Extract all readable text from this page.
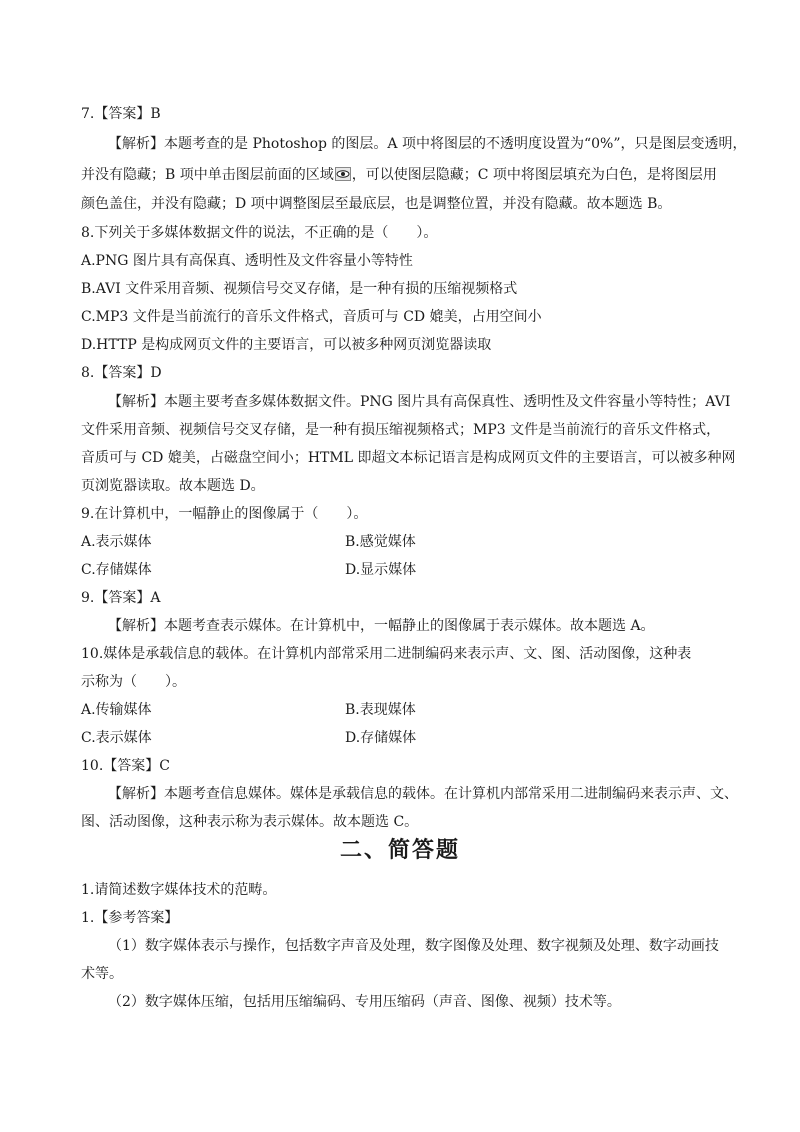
7.【答案】B
【解析】本题考查的是 Photoshop 的图层。A 项中将图层的不透明度设置为“0%”，只是图层变透明，
并没有隐藏；B 项中单击图层前面的区域 ，可以使图层隐藏；C 项中将图层填充为白色，是将图层用
颜色盖住，并没有隐藏；D 项中调整图层至最底层，也是调整位置，并没有隐藏。故本题选 B。
8.下列关于多媒体数据文件的说法，不正确的是（　　）。
A.PNG 图片具有高保真、透明性及文件容量小等特性
B.AVI 文件采用音频、视频信号交叉存储，是一种有损的压缩视频格式
C.MP3 文件是当前流行的音乐文件格式，音质可与 CD 媲美，占用空间小
D.HTTP 是构成网页文件的主要语言，可以被多种网页浏览器读取
8.【答案】D
【解析】本题主要考查多媒体数据文件。PNG 图片具有高保真性、透明性及文件容量小等特性；AVI
文件采用音频、视频信号交叉存储，是一种有损压缩视频格式；MP3 文件是当前流行的音乐文件格式，
音质可与 CD 媲美，占磁盘空间小；HTML 即超文本标记语言是构成网页文件的主要语言，可以被多种网
页浏览器读取。故本题选 D。
9.在计算机中，一幅静止的图像属于（　　）。
A.表示媒体	B.感觉媒体
C.存储媒体	D.显示媒体
9.【答案】A
【解析】本题考查表示媒体。在计算机中，一幅静止的图像属于表示媒体。故本题选 A。
10.媒体是承载信息的载体。在计算机内部常采用二进制编码来表示声、文、图、活动图像，这种表
示称为（　　）。
A.传输媒体	B.表现媒体
C.表示媒体	D.存储媒体
10.【答案】C
【解析】本题考查信息媒体。媒体是承载信息的载体。在计算机内部常采用二进制编码来表示声、文、
图、活动图像，这种表示称为表示媒体。故本题选 C。
二、简答题
1.请简述数字媒体技术的范畴。
1.【参考答案】
（1）数字媒体表示与操作，包括数字声音及处理，数字图像及处理、数字视频及处理、数字动画技
术等。
（2）数字媒体压缩，包括用压缩编码、专用压缩码（声音、图像、视频）技术等。
